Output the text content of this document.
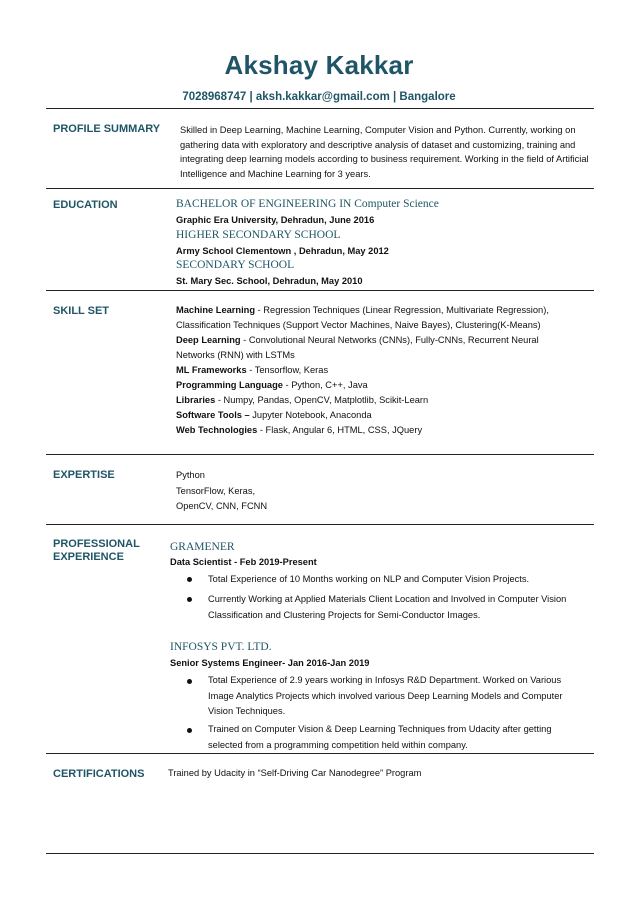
Akshay Kakkar
7028968747 | aksh.kakkar@gmail.com | Bangalore
PROFILE SUMMARY Skilled in Deep Learning, Machine Learning, Computer Vision and Python. Currently, working on gathering data with exploratory and descriptive analysis of dataset and customizing, training and integrating deep learning models according to business requirement. Working in the field of Artificial Intelligence and Machine Learning for 3 years.
EDUCATION	BACHELOR OF ENGINEERING IN Computer Science
Graphic Era University, Dehradun, June 2016
HIGHER SECONDARY SCHOOL
Army School Clementown , Dehradun, May 2012
SECONDARY SCHOOL
St. Mary Sec. School, Dehradun, May 2010
SKILL SET	Machine Learning - Regression Techniques (Linear Regression, Multivariate Regression),
Classification Techniques (Support Vector Machines, Naive Bayes), Clustering(K-Means)
Deep Learning - Convolutional Neural Networks (CNNs), Fully-CNNs, Recurrent Neural
Networks (RNN) with LSTMs
ML Frameworks - Tensorflow, Keras
Programming Language - Python, C++, Java
Libraries - Numpy, Pandas, OpenCV, Matplotlib, Scikit-Learn
Software Tools – Jupyter Notebook, Anaconda
Web Technologies - Flask, Angular 6, HTML, CSS, JQuery
EXPERTISE	Python
TensorFlow, Keras,
OpenCV, CNN, FCNN
PROFESSIONAL
EXPERIENCE
GRAMENER
Data Scientist - Feb 2019-Present
Total Experience of 10 Months working on NLP and Computer Vision Projects.
Currently Working at Applied Materials Client Location and Involved in Computer Vision Classification and Clustering Projects for Semi-Conductor Images.
INFOSYS PVT. LTD.
Senior Systems Engineer- Jan 2016-Jan 2019
Total Experience of 2.9 years working in Infosys R&D Department. Worked on Various Image Analytics Projects which involved various Deep Learning Models and Computer Vision Techniques.
Trained on Computer Vision & Deep Learning Techniques from Udacity after getting selected from a programming competition held within company.
CERTIFICATIONS	Trained by Udacity in “Self-Driving Car Nanodegree” Program
